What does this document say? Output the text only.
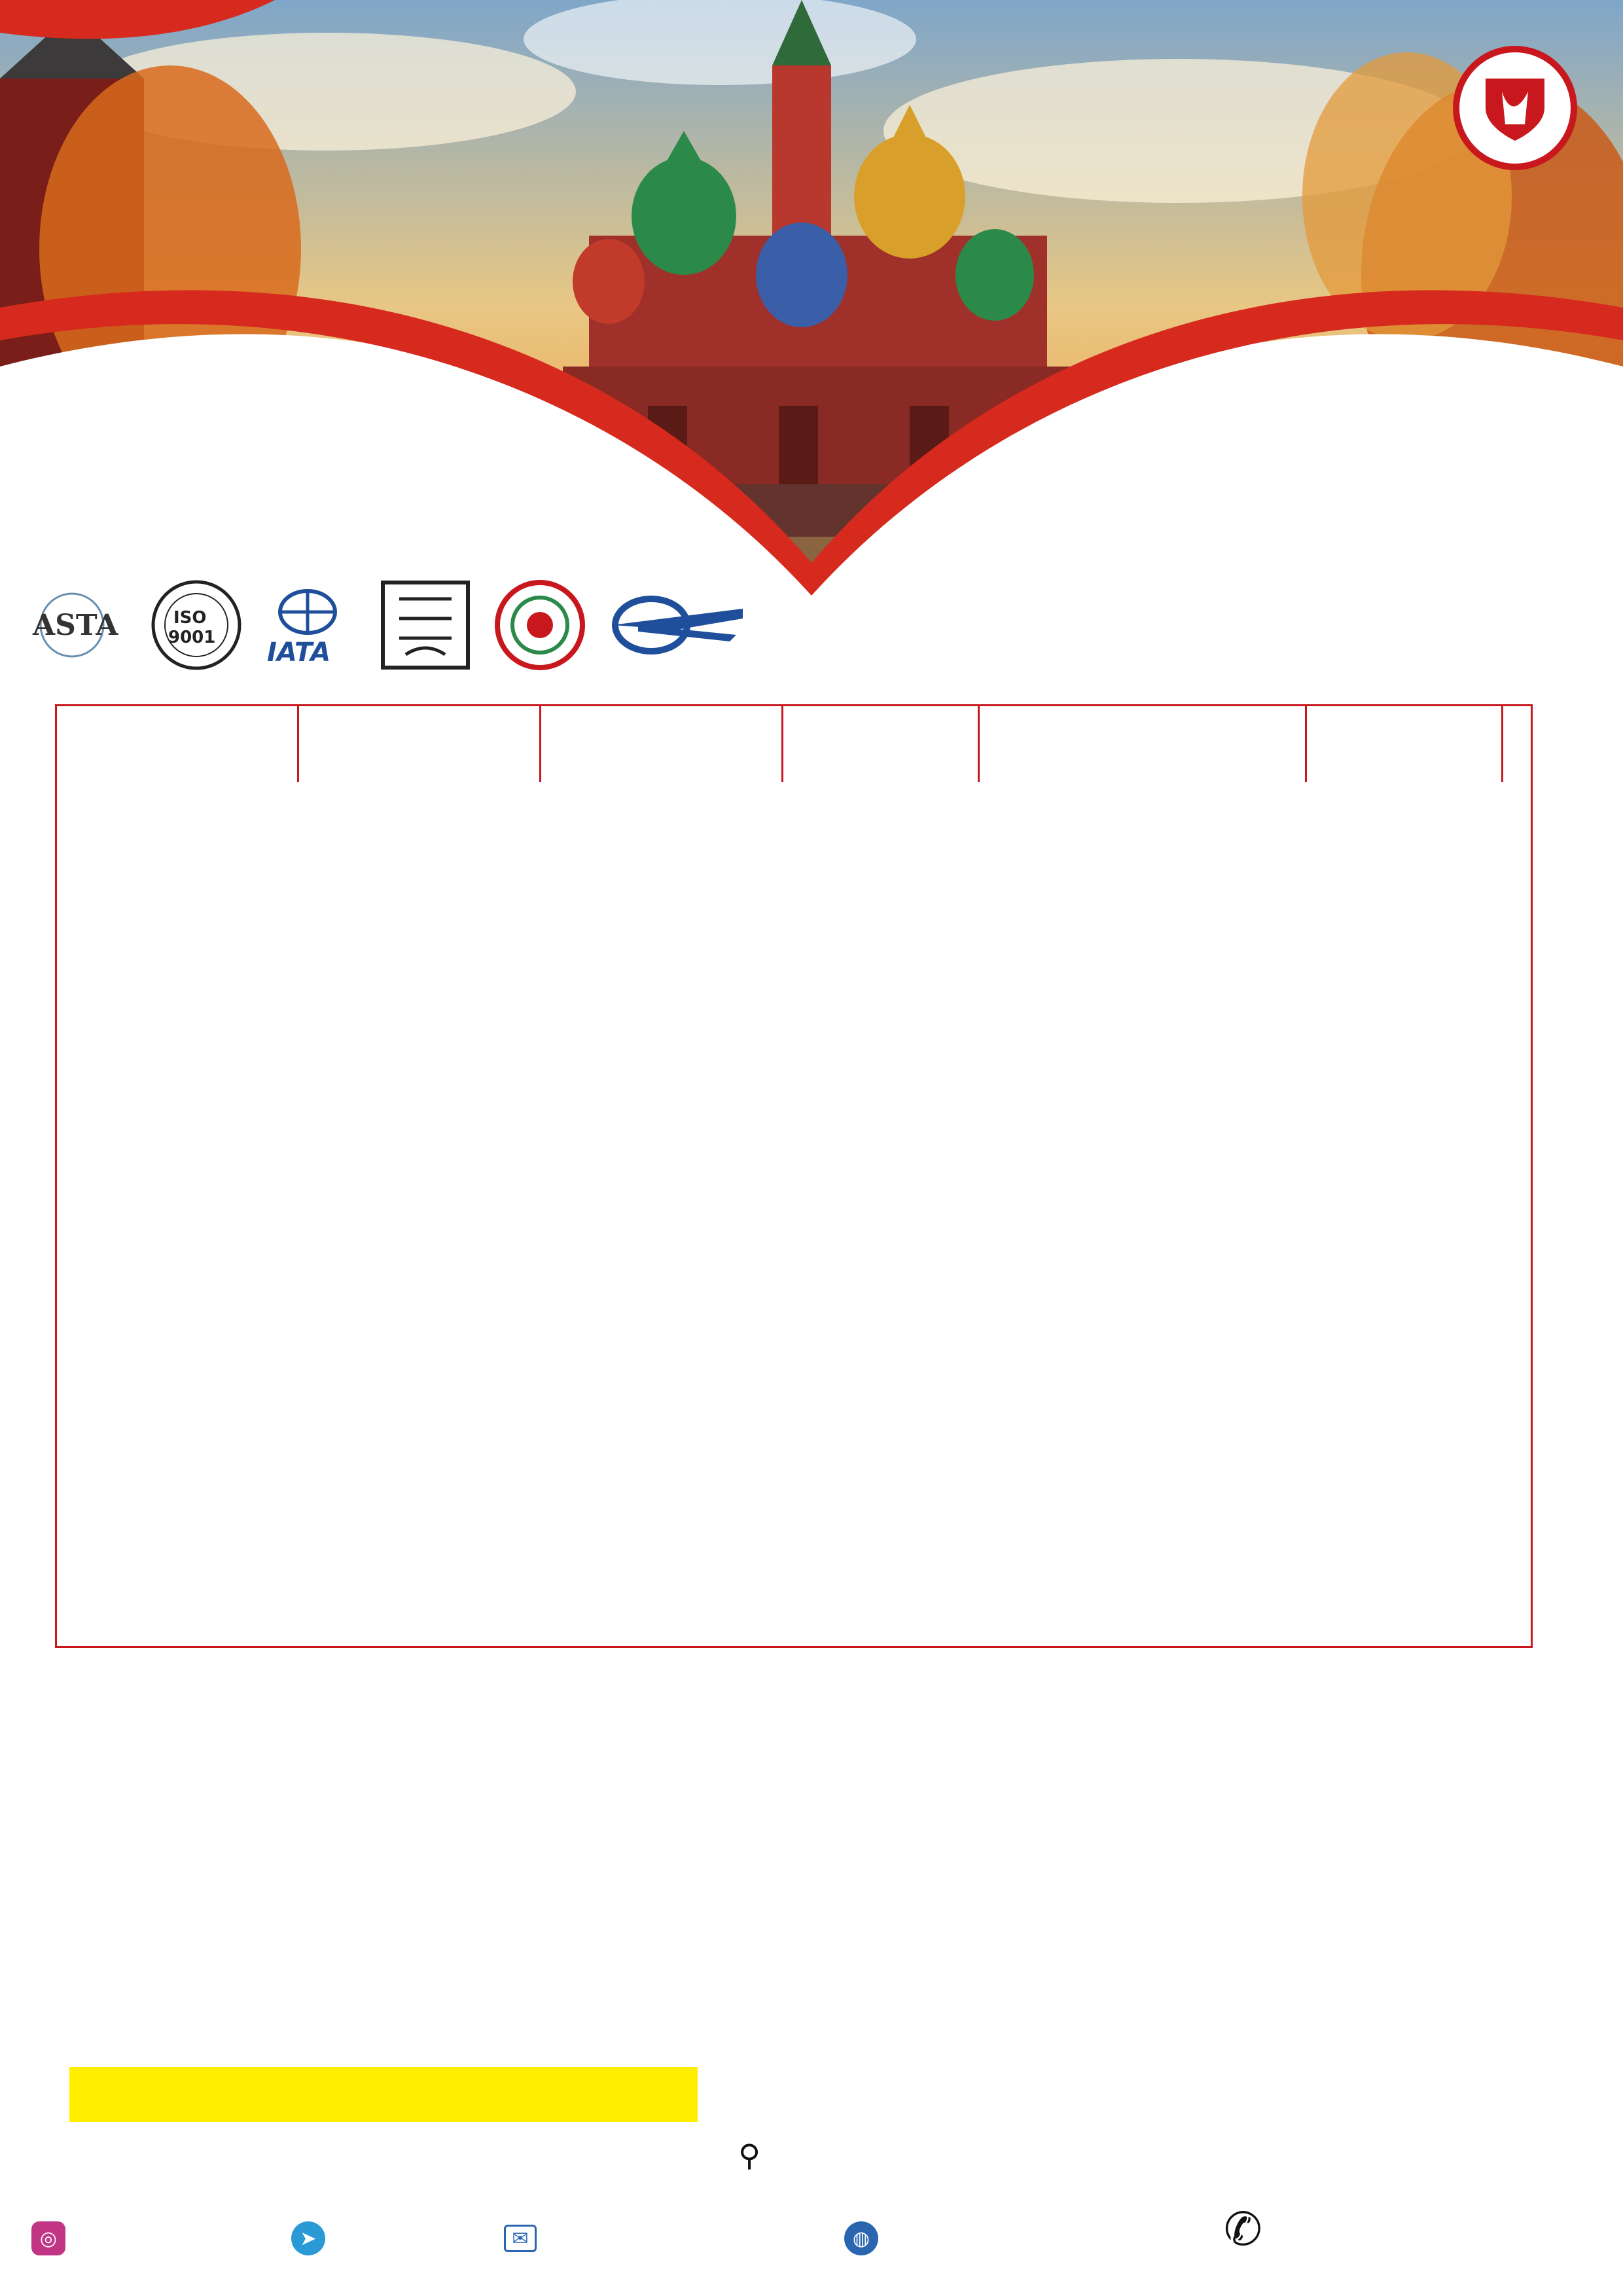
ASTA	ISO
9001 IATA
⚲
◎	➤	✉	◍	✆
